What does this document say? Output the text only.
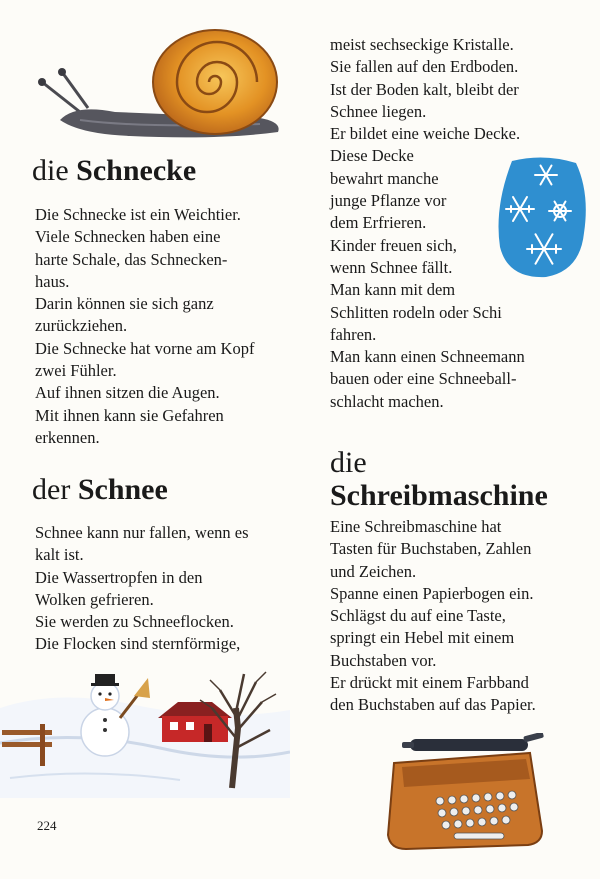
die Schnecke
Die Schnecke ist ein Weichtier.
Viele Schnecken haben eine
harte Schale, das Schnecken-
haus.
Darin können sie sich ganz
zurückziehen.
Die Schnecke hat vorne am Kopf
zwei Fühler.
Auf ihnen sitzen die Augen.
Mit ihnen kann sie Gefahren
erkennen.
der Schnee
Schnee kann nur fallen, wenn es
kalt ist.
Die Wassertropfen in den
Wolken gefrieren.
Sie werden zu Schneeflocken.
Die Flocken sind sternförmige,
224
meist sechseckige Kristalle.
Sie fallen auf den Erdboden.
Ist der Boden kalt, bleibt der
Schnee liegen.
Er bildet eine weiche Decke.
Diese Decke
bewahrt manche
junge Pflanze vor
dem Erfrieren.
Kinder freuen sich,
wenn Schnee fällt.
Man kann mit dem
Schlitten rodeln oder Schi
fahren.
Man kann einen Schneemann
bauen oder eine Schneeball-
schlacht machen.
die
Schreibmaschine
Eine Schreibmaschine hat
Tasten für Buchstaben, Zahlen
und Zeichen.
Spanne einen Papierbogen ein.
Schlägst du auf eine Taste,
springt ein Hebel mit einem
Buchstaben vor.
Er drückt mit einem Farbband
den Buchstaben auf das Papier.
